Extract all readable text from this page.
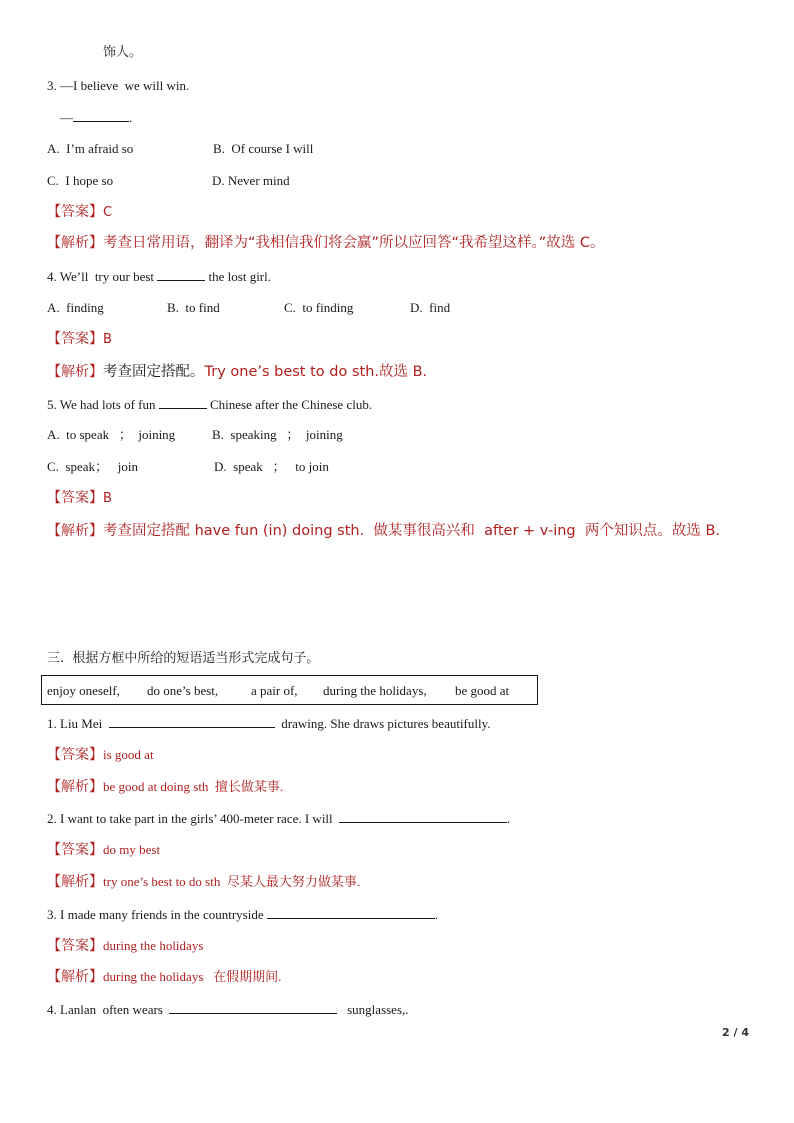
饰人。
3. —I believe  we will win.
—	.
A.  I’m afraid so	B.  Of course I will
C.  I hope so	D. Never mind
【答案】C
【解析】考查日常用语，翻译为“我相信我们将会赢”所以应回答“我希望这样。”故选 C。
4. We’ll  try our best	the lost girl.
A.  finding	B.  to find	C.  to finding	D.  find
【答案】B
【解析】考查固定搭配。Try one’s best to do sth.故选 B.
5. We had lots of fun	Chinese after the Chinese club.
A.  to speak   ；  joining	B.  speaking   ；  joining
C.  speak；   join	D.  speak   ；   to join
【答案】B
【解析】考查固定搭配 have fun (in) doing sth.  做某事很高兴和  after + v-ing  两个知识点。故选 B.
三.  根据方框中所给的短语适当形式完成句子。
enjoy oneself, do one’s best,	a pair of, during the holidays, be good at
1. Liu Mei	drawing. She draws pictures beautifully.
【答案】is good at
【解析】be good at doing sth  擅长做某事.
2. I want to take part in the girls’ 400-meter race. I will	.
【答案】do my best
【解析】try one’s best to do sth  尽某人最大努力做某事.
3. I made many friends in the countryside	.
【答案】during the holidays
【解析】during the holidays   在假期期间.
4. Lanlan  often wears	sunglasses,.
2 / 4
